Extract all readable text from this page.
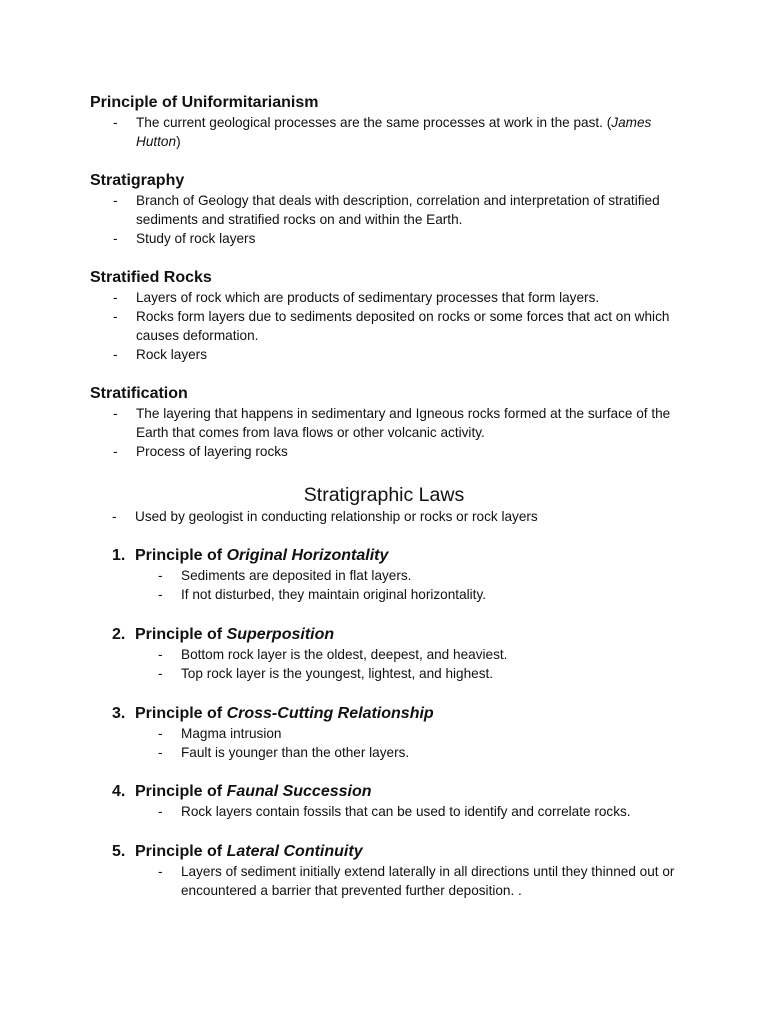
Principle of Uniformitarianism
- The current geological processes are the same processes at work in the past. (James Hutton)
Stratigraphy
- Branch of Geology that deals with description, correlation and interpretation of stratified sediments and stratified rocks on and within the Earth.
- Study of rock layers
Stratified Rocks
- Layers of rock which are products of sedimentary processes that form layers.
- Rocks form layers due to sediments deposited on rocks or some forces that act on which causes deformation.
- Rock layers
Stratification
- The layering that happens in sedimentary and Igneous rocks formed at the surface of the Earth that comes from lava flows or other volcanic activity.
- Process of layering rocks
Stratigraphic Laws
- Used by geologist in conducting relationship or rocks or rock layers
1. Principle of Original Horizontality
- Sediments are deposited in flat layers.
- If not disturbed, they maintain original horizontality.
2. Principle of Superposition
- Bottom rock layer is the oldest, deepest, and heaviest.
- Top rock layer is the youngest, lightest, and highest.
3. Principle of Cross-Cutting Relationship
- Magma intrusion
- Fault is younger than the other layers.
4. Principle of Faunal Succession
- Rock layers contain fossils that can be used to identify and correlate rocks.
5. Principle of Lateral Continuity
- Layers of sediment initially extend laterally in all directions until they thinned out or encountered a barrier that prevented further deposition. .
